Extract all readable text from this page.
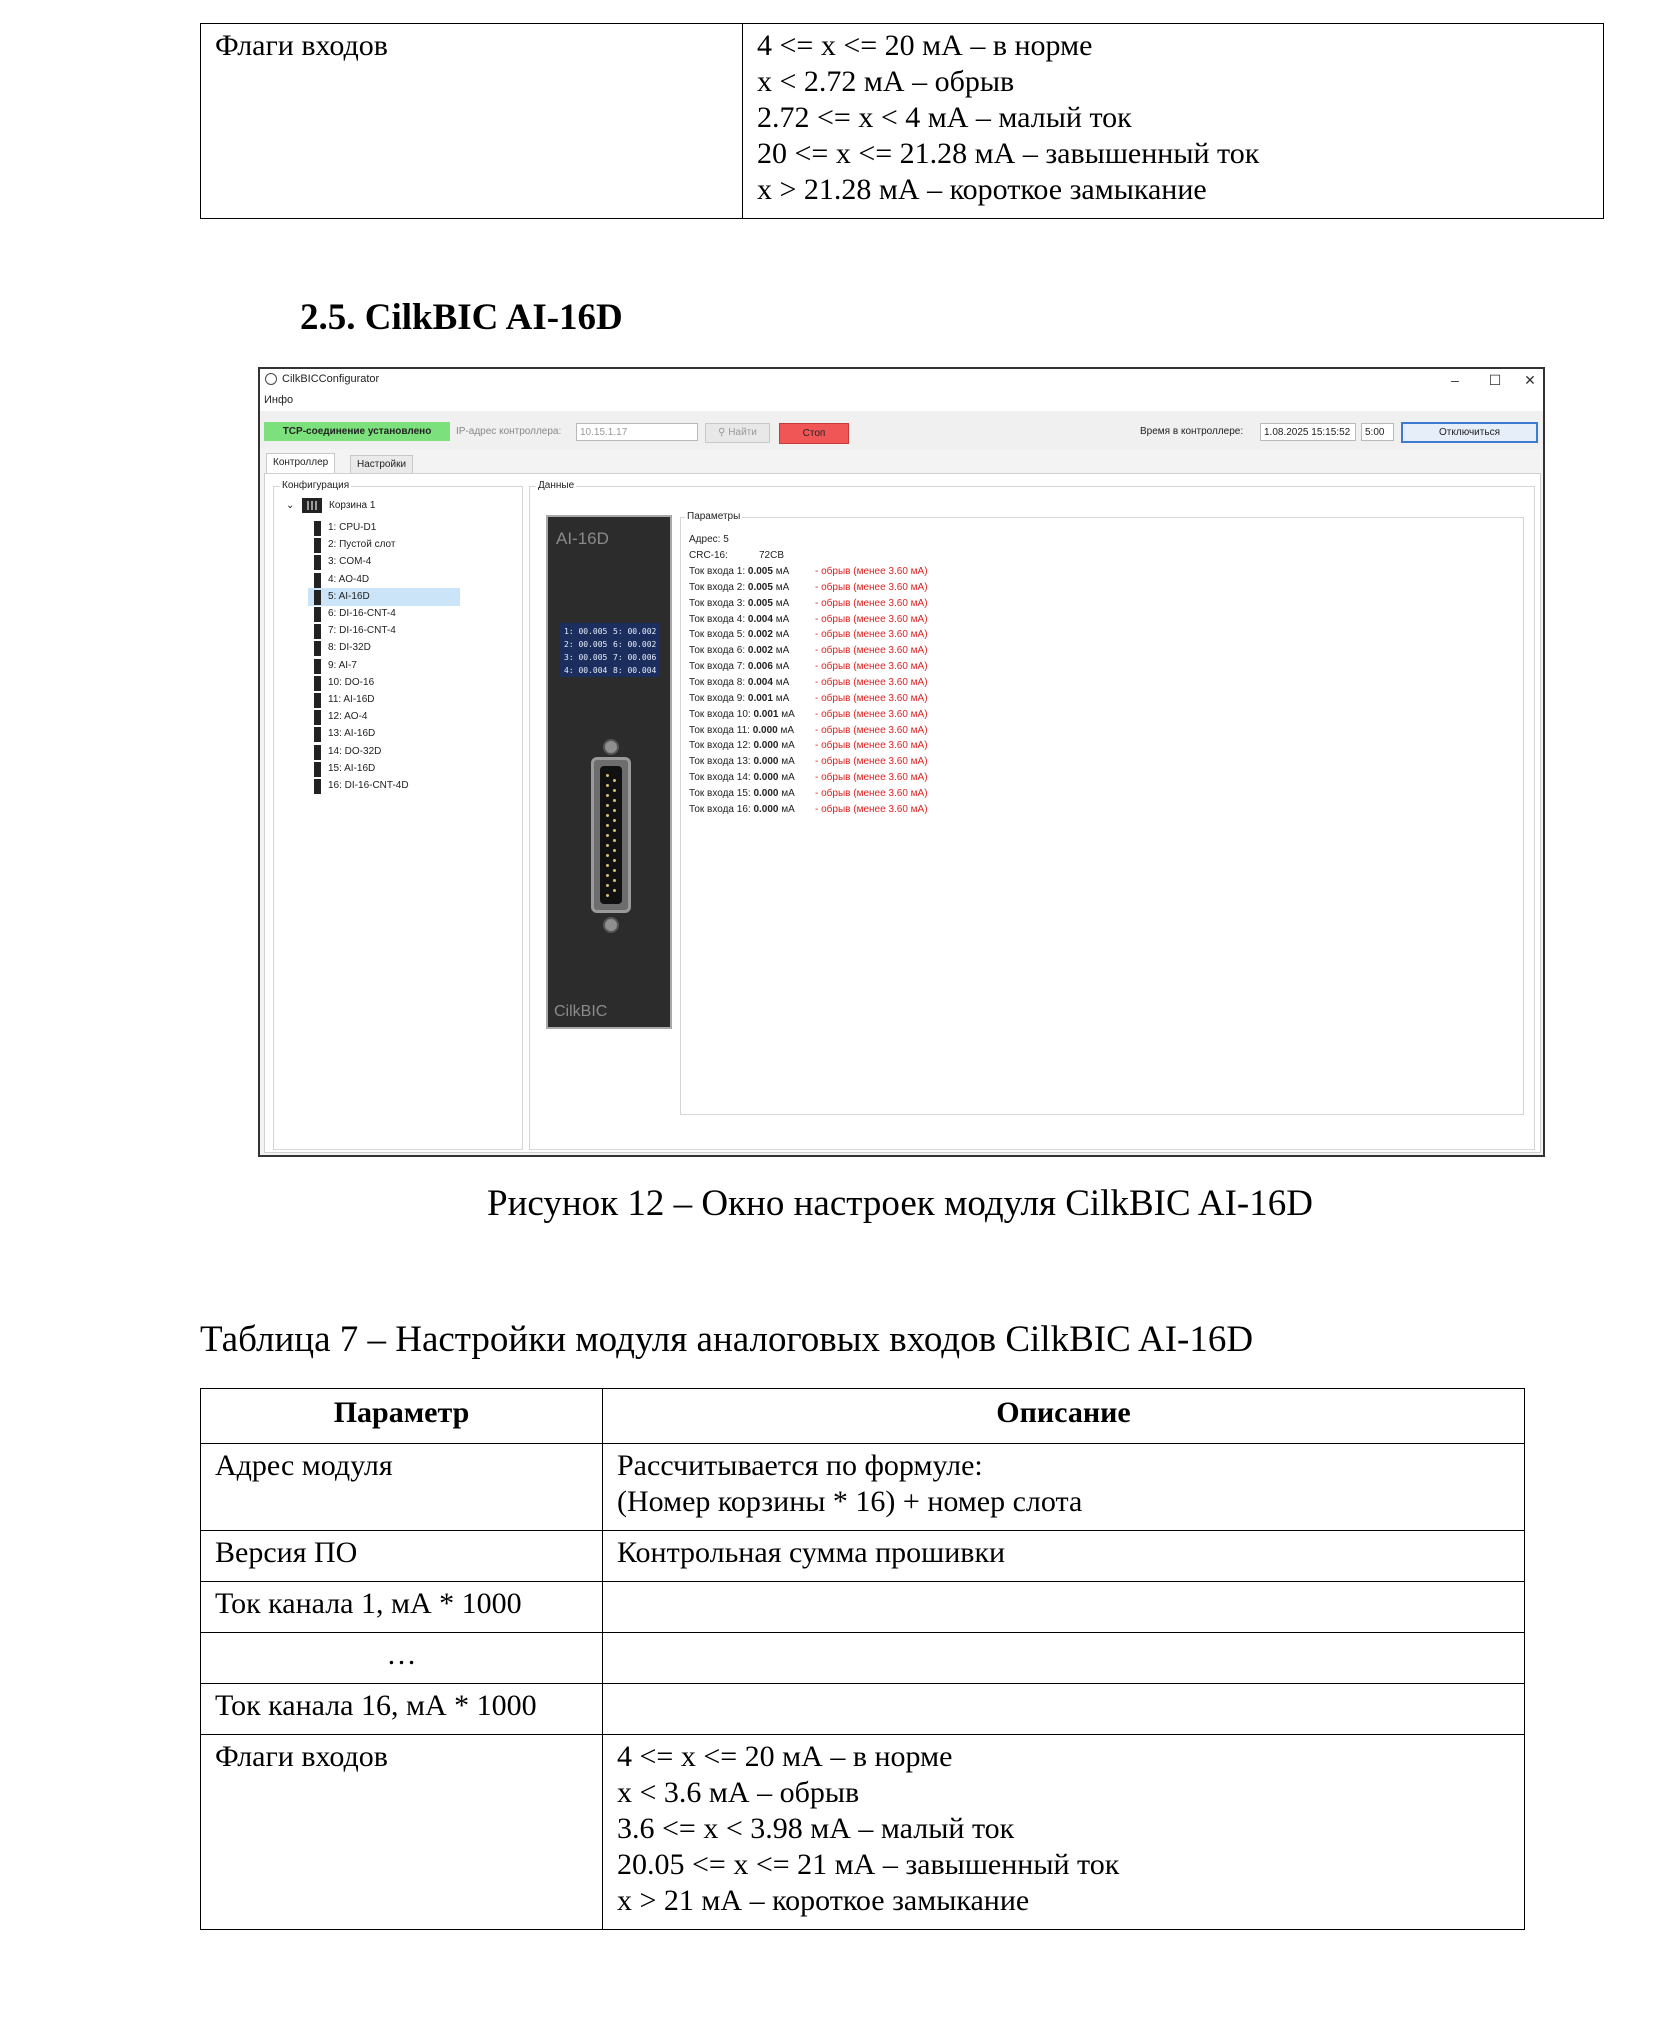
Флаги входов	4 <= x <= 20 мА – в норме
x < 2.72 мА – обрыв
2.72 <= x < 4 мА – малый ток
20 <= x <= 21.28 мА – завышенный ток
x > 21.28 мА – короткое замыкание
2.5. CilkBIC AI-16D
CilkBICConfigurator	–	☐	✕
Инфо
TCP-соединение установлено	IP-адрес контроллера:	10.15.1.17	⚲ Найти	Стоп	Время в контроллере:	1.08.2025 15:15:52	5:00	Отключиться
Контроллер	Настройки
Конфигурация
⌄	Корзина 1
1: CPU-D1
2: Пустой слот
3: COM-4
4: AO-4D
5: AI-16D
6: DI-16-CNT-4
7: DI-16-CNT-4
8: DI-32D
9: AI-7
10: DO-16
11: AI-16D
12: AO-4
13: AI-16D
14: DO-32D
15: AI-16D
16: DI-16-CNT-4D
Данные
AI-16D
1: 00.005 5: 00.002
2: 00.005 6: 00.002
3: 00.005 7: 00.006
4: 00.004 8: 00.004
CilkBIC
Параметры
Адрес: 5
CRC-16:	72CB
Ток входа 1: 0.005 мА	- обрыв (менее 3.60 мА)
Ток входа 2: 0.005 мА	- обрыв (менее 3.60 мА)
Ток входа 3: 0.005 мА	- обрыв (менее 3.60 мА)
Ток входа 4: 0.004 мА	- обрыв (менее 3.60 мА)
Ток входа 5: 0.002 мА	- обрыв (менее 3.60 мА)
Ток входа 6: 0.002 мА	- обрыв (менее 3.60 мА)
Ток входа 7: 0.006 мА	- обрыв (менее 3.60 мА)
Ток входа 8: 0.004 мА	- обрыв (менее 3.60 мА)
Ток входа 9: 0.001 мА	- обрыв (менее 3.60 мА)
Ток входа 10: 0.001 мА - обрыв (менее 3.60 мА)
Ток входа 11: 0.000 мА - обрыв (менее 3.60 мА)
Ток входа 12: 0.000 мА - обрыв (менее 3.60 мА)
Ток входа 13: 0.000 мА - обрыв (менее 3.60 мА)
Ток входа 14: 0.000 мА - обрыв (менее 3.60 мА)
Ток входа 15: 0.000 мА - обрыв (менее 3.60 мА)
Ток входа 16: 0.000 мА - обрыв (менее 3.60 мА)

Рисунок 12 – Окно настроек модуля CilkBIC AI-16D

Таблица 7 – Настройки модуля аналоговых входов CilkBIC AI-16D

Параметр	Описание
Адрес модуля	Рассчитывается по формуле:
(Номер корзины * 16) + номер слота

Версия ПО	Контрольная сумма прошивки

Ток канала 1, мА * 1000	

…	

Ток канала 16, мА * 1000	

Флаги входов	4 <= x <= 20 мА – в норме
x < 3.6 мА – обрыв
3.6 <= x < 3.98 мА – малый ток
20.05 <= x <= 21 мА – завышенный ток
x > 21 мА – короткое замыкание
